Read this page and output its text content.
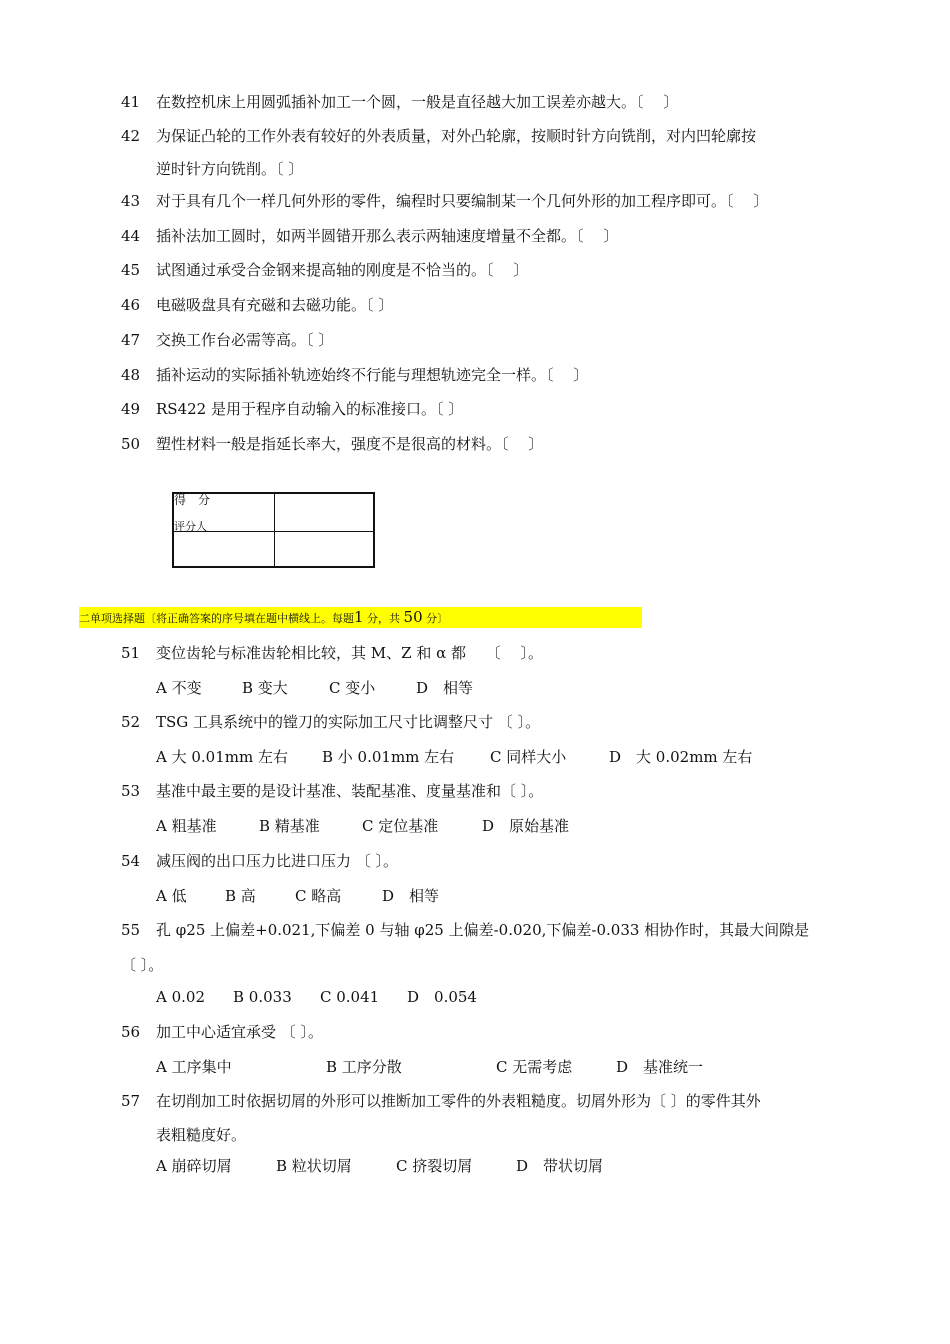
41	在数控机床上用圆弧插补加工一个圆，一般是直径越大加工误差亦越大。〔　 〕
42	为保证凸轮的工作外表有较好的外表质量，对外凸轮廓，按顺时针方向铣削，对内凹轮廓按
逆时针方向铣削。〔 〕
43	对于具有几个一样几何外形的零件，编程时只要编制某一个几何外形的加工程序即可。〔　 〕
44	插补法加工圆时，如两半圆错开那么表示两轴速度增量不全都。〔　 〕
45	试图通过承受合金钢来提高轴的刚度是不恰当的。〔　 〕
46	电磁吸盘具有充磁和去磁功能。〔 〕
47	交换工作台必需等高。〔 〕
48	插补运动的实际插补轨迹始终不行能与理想轨迹完全一样。〔　 〕
49	RS422 是用于程序自动输入的标准接口。〔 〕
50	塑性材料一般是指延长率大，强度不是很高的材料。〔　 〕
得　分
评分人
二单项选择题〔将正确答案的序号填在题中横线上。每题1 分，共 50 分〕
51	变位齿轮与标准齿轮相比较，其 M、Z 和 α 都　 〔　 〕。
A 不变	B 变大	C 变小	D　相等
52	TSG 工具系统中的镗刀的实际加工尺寸比调整尺寸 〔 〕。
A 大 0.01mm 左右 B 小 0.01mm 左右 C 同样大小	D　大 0.02mm 左右
53	基准中最主要的是设计基准、装配基准、度量基准和〔 〕。
A 粗基准	B 精基准	C 定位基准	D　原始基准
54	减压阀的出口压力比进口压力 〔 〕。
A 低	B 高	C 略高	D　相等
55	孔 φ25 上偏差+0.021,下偏差 0 与轴 φ25 上偏差-0.020,下偏差-0.033 相协作时，其最大间隙是
〔 〕。
A 0.02 B 0.033 C 0.041 D　0.054
56	加工中心适宜承受 〔 〕。
A 工序集中	B 工序分散	C 无需考虑	D　基准统一
57	在切削加工时依据切屑的外形可以推断加工零件的外表粗糙度。切屑外形为〔 〕的零件其外
表粗糙度好。
A 崩碎切屑	B 粒状切屑	C 挤裂切屑	D　带状切屑
